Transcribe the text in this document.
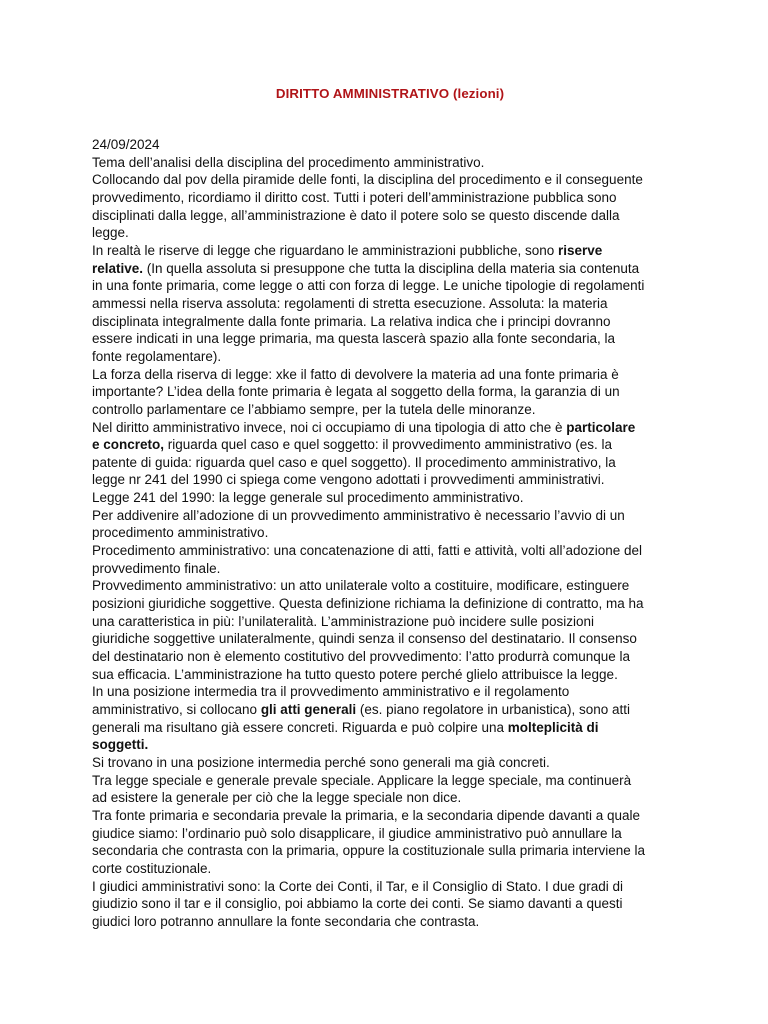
DIRITTO AMMINISTRATIVO (lezioni)
24/09/2024
Tema dell’analisi della disciplina del procedimento amministrativo.
Collocando dal pov della piramide delle fonti, la disciplina del procedimento e il conseguente
provvedimento, ricordiamo il diritto cost. Tutti i poteri dell’amministrazione pubblica sono
disciplinati dalla legge, all’amministrazione è dato il potere solo se questo discende dalla
legge.
In realtà le riserve di legge che riguardano le amministrazioni pubbliche, sono riserve
relative. (In quella assoluta si presuppone che tutta la disciplina della materia sia contenuta
in una fonte primaria, come legge o atti con forza di legge. Le uniche tipologie di regolamenti
ammessi nella riserva assoluta: regolamenti di stretta esecuzione. Assoluta: la materia
disciplinata integralmente dalla fonte primaria. La relativa indica che i principi dovranno
essere indicati in una legge primaria, ma questa lascerà spazio alla fonte secondaria, la
fonte regolamentare).
La forza della riserva di legge: xke il fatto di devolvere la materia ad una fonte primaria è
importante? L’idea della fonte primaria è legata al soggetto della forma, la garanzia di un
controllo parlamentare ce l’abbiamo sempre, per la tutela delle minoranze.
Nel diritto amministrativo invece, noi ci occupiamo di una tipologia di atto che è particolare
e concreto, riguarda quel caso e quel soggetto: il provvedimento amministrativo (es. la
patente di guida: riguarda quel caso e quel soggetto). Il procedimento amministrativo, la
legge nr 241 del 1990 ci spiega come vengono adottati i provvedimenti amministrativi.
Legge 241 del 1990: la legge generale sul procedimento amministrativo.
Per addivenire all’adozione di un provvedimento amministrativo è necessario l’avvio di un
procedimento amministrativo.
Procedimento amministrativo: una concatenazione di atti, fatti e attività, volti all’adozione del
provvedimento finale.
Provvedimento amministrativo: un atto unilaterale volto a costituire, modificare, estinguere
posizioni giuridiche soggettive. Questa definizione richiama la definizione di contratto, ma ha
una caratteristica in più: l’unilateralità. L’amministrazione può incidere sulle posizioni
giuridiche soggettive unilateralmente, quindi senza il consenso del destinatario. Il consenso
del destinatario non è elemento costitutivo del provvedimento: l’atto produrrà comunque la
sua efficacia. L’amministrazione ha tutto questo potere perché glielo attribuisce la legge.
In una posizione intermedia tra il provvedimento amministrativo e il regolamento
amministrativo, si collocano gli atti generali (es. piano regolatore in urbanistica), sono atti
generali ma risultano già essere concreti. Riguarda e può colpire una molteplicità di
soggetti.
Si trovano in una posizione intermedia perché sono generali ma già concreti.
Tra legge speciale e generale prevale speciale. Applicare la legge speciale, ma continuerà
ad esistere la generale per ciò che la legge speciale non dice.
Tra fonte primaria e secondaria prevale la primaria, e la secondaria dipende davanti a quale
giudice siamo: l’ordinario può solo disapplicare, il giudice amministrativo può annullare la
secondaria che contrasta con la primaria, oppure la costituzionale sulla primaria interviene la
corte costituzionale.
I giudici amministrativi sono: la Corte dei Conti, il Tar, e il Consiglio di Stato. I due gradi di
giudizio sono il tar e il consiglio, poi abbiamo la corte dei conti. Se siamo davanti a questi
giudici loro potranno annullare la fonte secondaria che contrasta.
